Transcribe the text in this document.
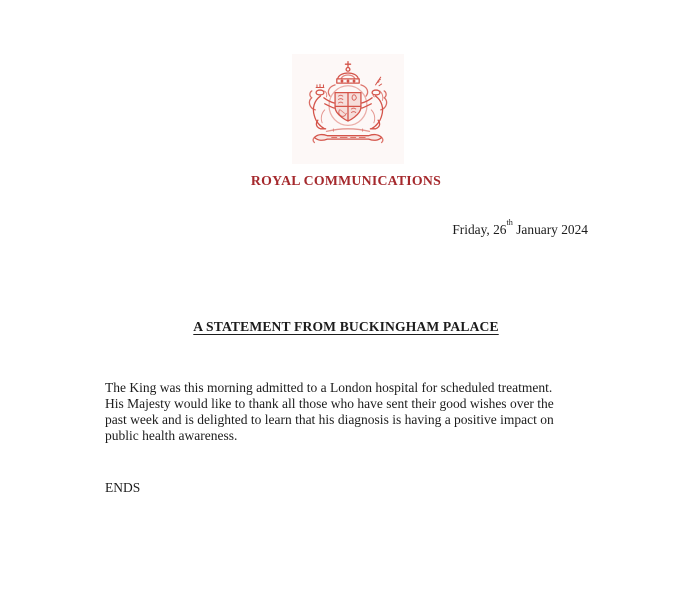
ROYAL COMMUNICATIONS
Friday, 26th January 2024
A STATEMENT FROM BUCKINGHAM PALACE
The King was this morning admitted to a London hospital for scheduled treatment.
His Majesty would like to thank all those who have sent their good wishes over the
past week and is delighted to learn that his diagnosis is having a positive impact on
public health awareness.
ENDS
